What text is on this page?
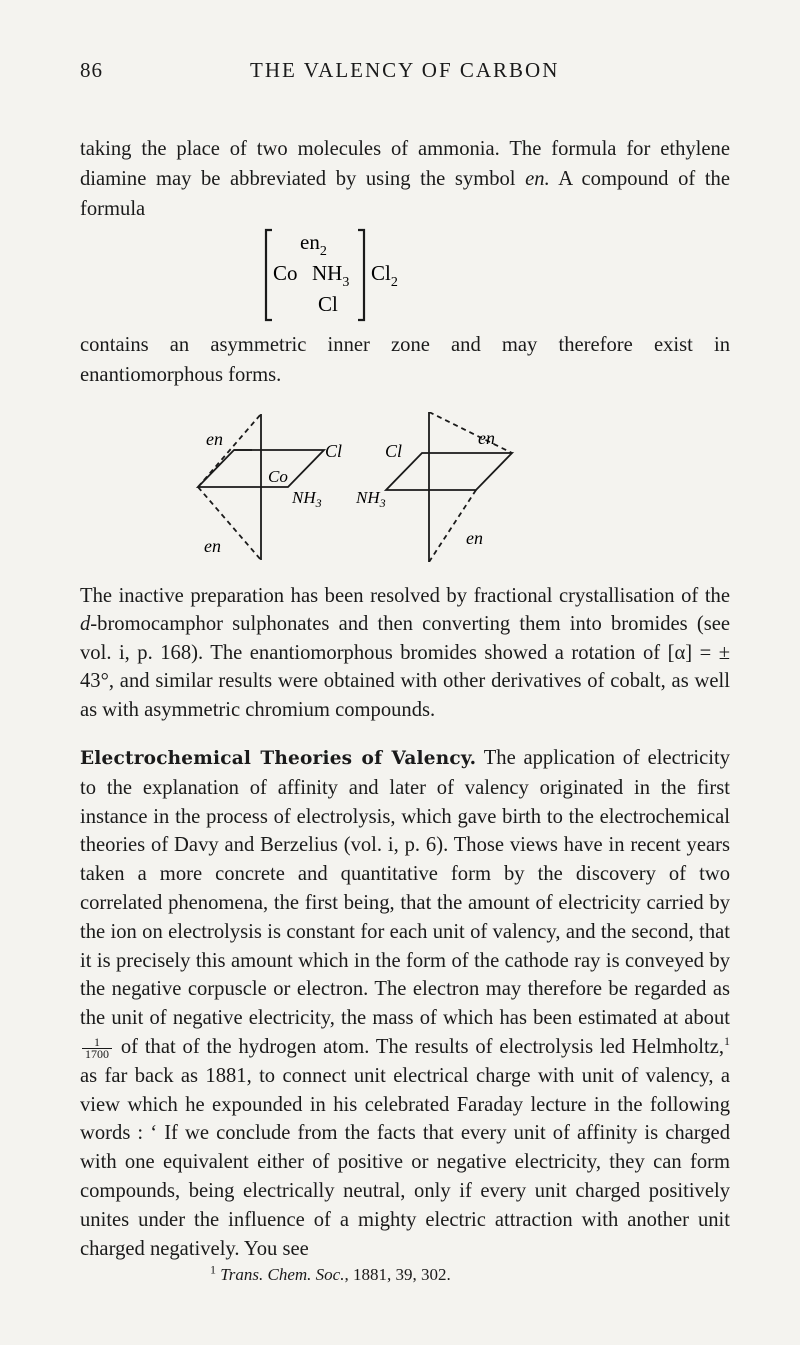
86	THE VALENCY OF CARBON

taking the place of two molecules of ammonia. The formula for ethylene diamine may be abbreviated by using the symbol en. A compound of the formula

$en_2$
Co $NH_3$
Cl
$Cl_2$

contains an asymmetric inner zone and may therefore exist in enantiomorphous forms.

en
en
Co
Cl
$NH_3$
Cl
en
en
$NH_3$

The inactive preparation has been resolved by fractional crystallisation of the d-bromocamphor sulphonates and then converting them into bromides (see vol. i, p. 168). The enantiomorphous bromides showed a rotation of [α] = ± 43°, and similar results were obtained with other derivatives of cobalt, as well as with asymmetric chromium compounds.

Electrochemical Theories of Valency. The application of electricity to the explanation of affinity and later of valency originated in the first instance in the process of electrolysis, which gave birth to the electrochemical theories of Davy and Berzelius (vol. i, p. 6). Those views have in recent years taken a more concrete and quantitative form by the discovery of two correlated phenomena, the first being, that the amount of electricity carried by the ion on electrolysis is constant for each unit of valency, and the second, that it is precisely this amount which in the form of the cathode ray is conveyed by the negative corpuscle or electron. The electron may therefore be regarded as the unit of negative electricity, the mass of which has been estimated at about
$\frac{1}{1700}$ of that of the hydrogen atom. The results of electrolysis led Helmholtz,$^1$ as far back as 1881, to connect unit electrical charge with unit of valency, a view which he expounded in his celebrated Faraday lecture in the following words : ‘ If we conclude from the facts that every unit of affinity is charged with one equivalent either of positive or negative electricity, they can form compounds, being electrically neutral, only if every unit charged positively unites under the influence of a mighty electric attraction with another unit charged negatively. You see

$^1$ Trans. Chem. Soc., 1881, 39, 302.
